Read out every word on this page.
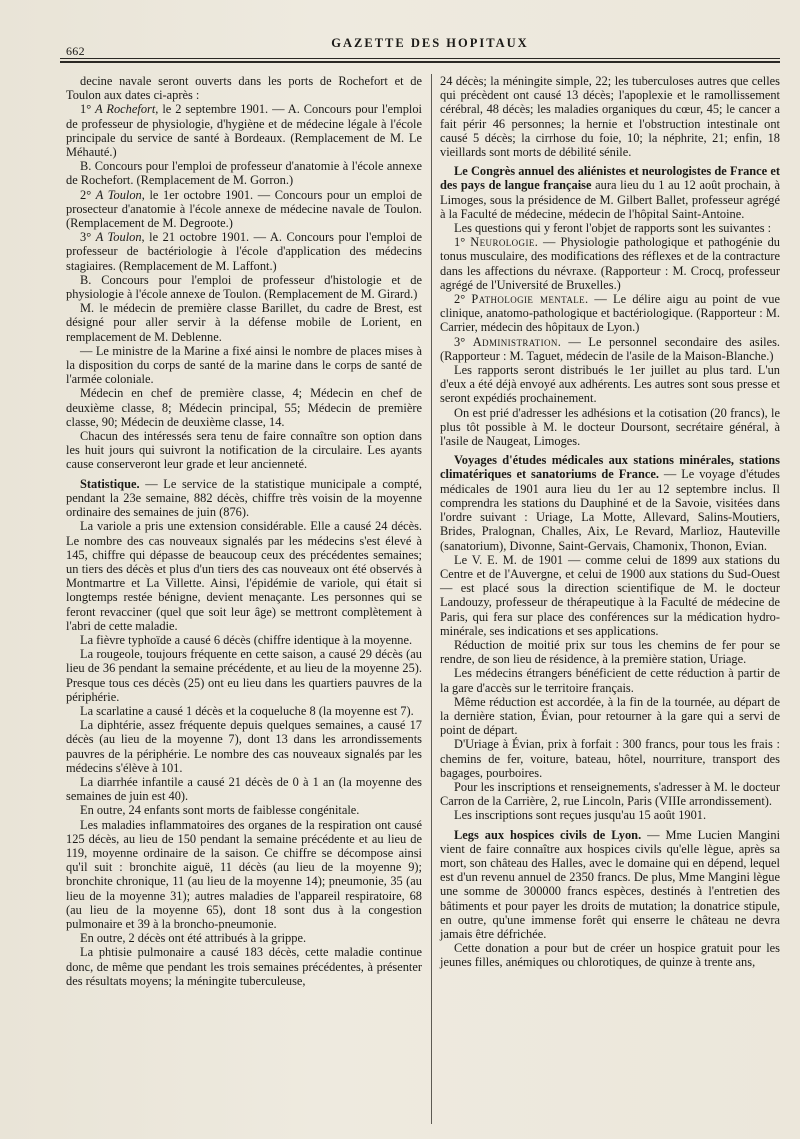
662
GAZETTE DES HOPITAUX

decine navale seront ouverts dans les ports de Rochefort et de Toulon aux dates ci-après :

1° A Rochefort, le 2 septembre 1901. — A. Concours pour l'emploi de professeur de physiologie, d'hygiène et de médecine légale à l'école principale du service de santé à Bordeaux. (Remplacement de M. Le Méhauté.)

B. Concours pour l'emploi de professeur d'anatomie à l'école annexe de Rochefort. (Remplacement de M. Gorron.)

2° A Toulon, le 1er octobre 1901. — Concours pour un emploi de prosecteur d'anatomie à l'école annexe de médecine navale de Toulon. (Remplacement de M. Degroote.)

3° A Toulon, le 21 octobre 1901. — A. Concours pour l'emploi de professeur de bactériologie à l'école d'application des médecins stagiaires. (Remplacement de M. Laffont.)

B. Concours pour l'emploi de professeur d'histologie et de physiologie à l'école annexe de Toulon. (Remplacement de M. Girard.)

M. le médecin de première classe Barillet, du cadre de Brest, est désigné pour aller servir à la défense mobile de Lorient, en remplacement de M. Deblenne.

— Le ministre de la Marine a fixé ainsi le nombre de places mises à la disposition du corps de santé de la marine dans le corps de santé de l'armée coloniale.

Médecin en chef de première classe, 4; Médecin en chef de deuxième classe, 8; Médecin principal, 55; Médecin de première classe, 90; Médecin de deuxième classe, 14.

Chacun des intéressés sera tenu de faire connaître son option dans les huit jours qui suivront la notification de la circulaire. Les ayants cause conserveront leur grade et leur ancienneté.

Statistique. — Le service de la statistique municipale a compté, pendant la 23e semaine, 882 décès, chiffre très voisin de la moyenne ordinaire des semaines de juin (876).

La variole a pris une extension considérable. Elle a causé 24 décès. Le nombre des cas nouveaux signalés par les médecins s'est élevé à 145, chiffre qui dépasse de beaucoup ceux des précédentes semaines; un tiers des décès et plus d'un tiers des cas nouveaux ont été observés à Montmartre et La Villette. Ainsi, l'épidémie de variole, qui était si longtemps restée bénigne, devient menaçante. Les personnes qui se feront revacciner (quel que soit leur âge) se mettront complètement à l'abri de cette maladie.

La fièvre typhoïde a causé 6 décès (chiffre identique à la moyenne.

La rougeole, toujours fréquente en cette saison, a causé 29 décès (au lieu de 36 pendant la semaine précédente, et au lieu de la moyenne 25). Presque tous ces décès (25) ont eu lieu dans les quartiers pauvres de la périphérie.

La scarlatine a causé 1 décès et la coqueluche 8 (la moyenne est 7).

La diphtérie, assez fréquente depuis quelques semaines, a causé 17 décès (au lieu de la moyenne 7), dont 13 dans les arrondissements pauvres de la périphérie. Le nombre des cas nouveaux signalés par les médecins s'élève à 101.

La diarrhée infantile a causé 21 décès de 0 à 1 an (la moyenne des semaines de juin est 40).

En outre, 24 enfants sont morts de faiblesse congénitale.

Les maladies inflammatoires des organes de la respiration ont causé 125 décès, au lieu de 150 pendant la semaine précédente et au lieu de 119, moyenne ordinaire de la saison. Ce chiffre se décompose ainsi qu'il suit : bronchite aiguë, 11 décès (au lieu de la moyenne 9); bronchite chronique, 11 (au lieu de la moyenne 14); pneumonie, 35 (au lieu de la moyenne 31); autres maladies de l'appareil respiratoire, 68 (au lieu de la moyenne 65), dont 18 sont dus à la congestion pulmonaire et 39 à la broncho-pneumonie.

En outre, 2 décès ont été attribués à la grippe.

La phtisie pulmonaire a causé 183 décès, cette maladie continue donc, de même que pendant les trois semaines précédentes, à présenter des résultats moyens; la méningite tuberculeuse,

24 décès; la méningite simple, 22; les tuberculoses autres que celles qui précèdent ont causé 13 décès; l'apoplexie et le ramollissement cérébral, 48 décès; les maladies organiques du cœur, 45; le cancer a fait périr 46 personnes; la hernie et l'obstruction intestinale ont causé 5 décès; la cirrhose du foie, 10; la néphrite, 21; enfin, 18 vieillards sont morts de débilité sénile.

Le Congrès annuel des aliénistes et neurologistes de France et des pays de langue française aura lieu du 1 au 12 août prochain, à Limoges, sous la présidence de M. Gilbert Ballet, professeur agrégé à la Faculté de médecine, médecin de l'hôpital Saint-Antoine.

Les questions qui y feront l'objet de rapports sont les suivantes :

1° Neurologie. — Physiologie pathologique et pathogénie du tonus musculaire, des modifications des réflexes et de la contracture dans les affections du névraxe. (Rapporteur : M. Crocq, professeur agrégé de l'Université de Bruxelles.)

2° Pathologie mentale. — Le délire aigu au point de vue clinique, anatomo-pathologique et bactériologique. (Rapporteur : M. Carrier, médecin des hôpitaux de Lyon.)

3° Administration. — Le personnel secondaire des asiles. (Rapporteur : M. Taguet, médecin de l'asile de la Maison-Blanche.)

Les rapports seront distribués le 1er juillet au plus tard. L'un d'eux a été déjà envoyé aux adhérents. Les autres sont sous presse et seront expédiés prochainement.

On est prié d'adresser les adhésions et la cotisation (20 francs), le plus tôt possible à M. le docteur Doursont, secrétaire général, à l'asile de Naugeat, Limoges.

Voyages d'études médicales aux stations minérales, stations climatériques et sanatoriums de France. — Le voyage d'études médicales de 1901 aura lieu du 1er au 12 septembre inclus. Il comprendra les stations du Dauphiné et de la Savoie, visitées dans l'ordre suivant : Uriage, La Motte, Allevard, Salins-Moutiers, Brides, Pralognan, Challes, Aix, Le Revard, Marlioz, Hauteville (sanatorium), Divonne, Saint-Gervais, Chamonix, Thonon, Evian.

Le V. E. M. de 1901 — comme celui de 1899 aux stations du Centre et de l'Auvergne, et celui de 1900 aux stations du Sud-Ouest — est placé sous la direction scientifique de M. le docteur Landouzy, professeur de thérapeutique à la Faculté de médecine de Paris, qui fera sur place des conférences sur la médication hydro-minérale, ses indications et ses applications.

Réduction de moitié prix sur tous les chemins de fer pour se rendre, de son lieu de résidence, à la première station, Uriage.

Les médecins étrangers bénéficient de cette réduction à partir de la gare d'accès sur le territoire français.

Même réduction est accordée, à la fin de la tournée, au départ de la dernière station, Évian, pour retourner à la gare qui a servi de point de départ.

D'Uriage à Évian, prix à forfait : 300 francs, pour tous les frais : chemins de fer, voiture, bateau, hôtel, nourriture, transport des bagages, pourboires.

Pour les inscriptions et renseignements, s'adresser à M. le docteur Carron de la Carrière, 2, rue Lincoln, Paris (VIIIe arrondissement).

Les inscriptions sont reçues jusqu'au 15 août 1901.

Legs aux hospices civils de Lyon. — Mme Lucien Mangini vient de faire connaître aux hospices civils qu'elle lègue, après sa mort, son château des Halles, avec le domaine qui en dépend, lequel est d'un revenu annuel de 2350 francs. De plus, Mme Mangini lègue une somme de 300000 francs espèces, destinés à l'entretien des bâtiments et pour payer les droits de mutation; la donatrice stipule, en outre, qu'une immense forêt qui enserre le château ne devra jamais être défrichée.

Cette donation a pour but de créer un hospice gratuit pour les jeunes filles, anémiques ou chlorotiques, de quinze à trente ans,
